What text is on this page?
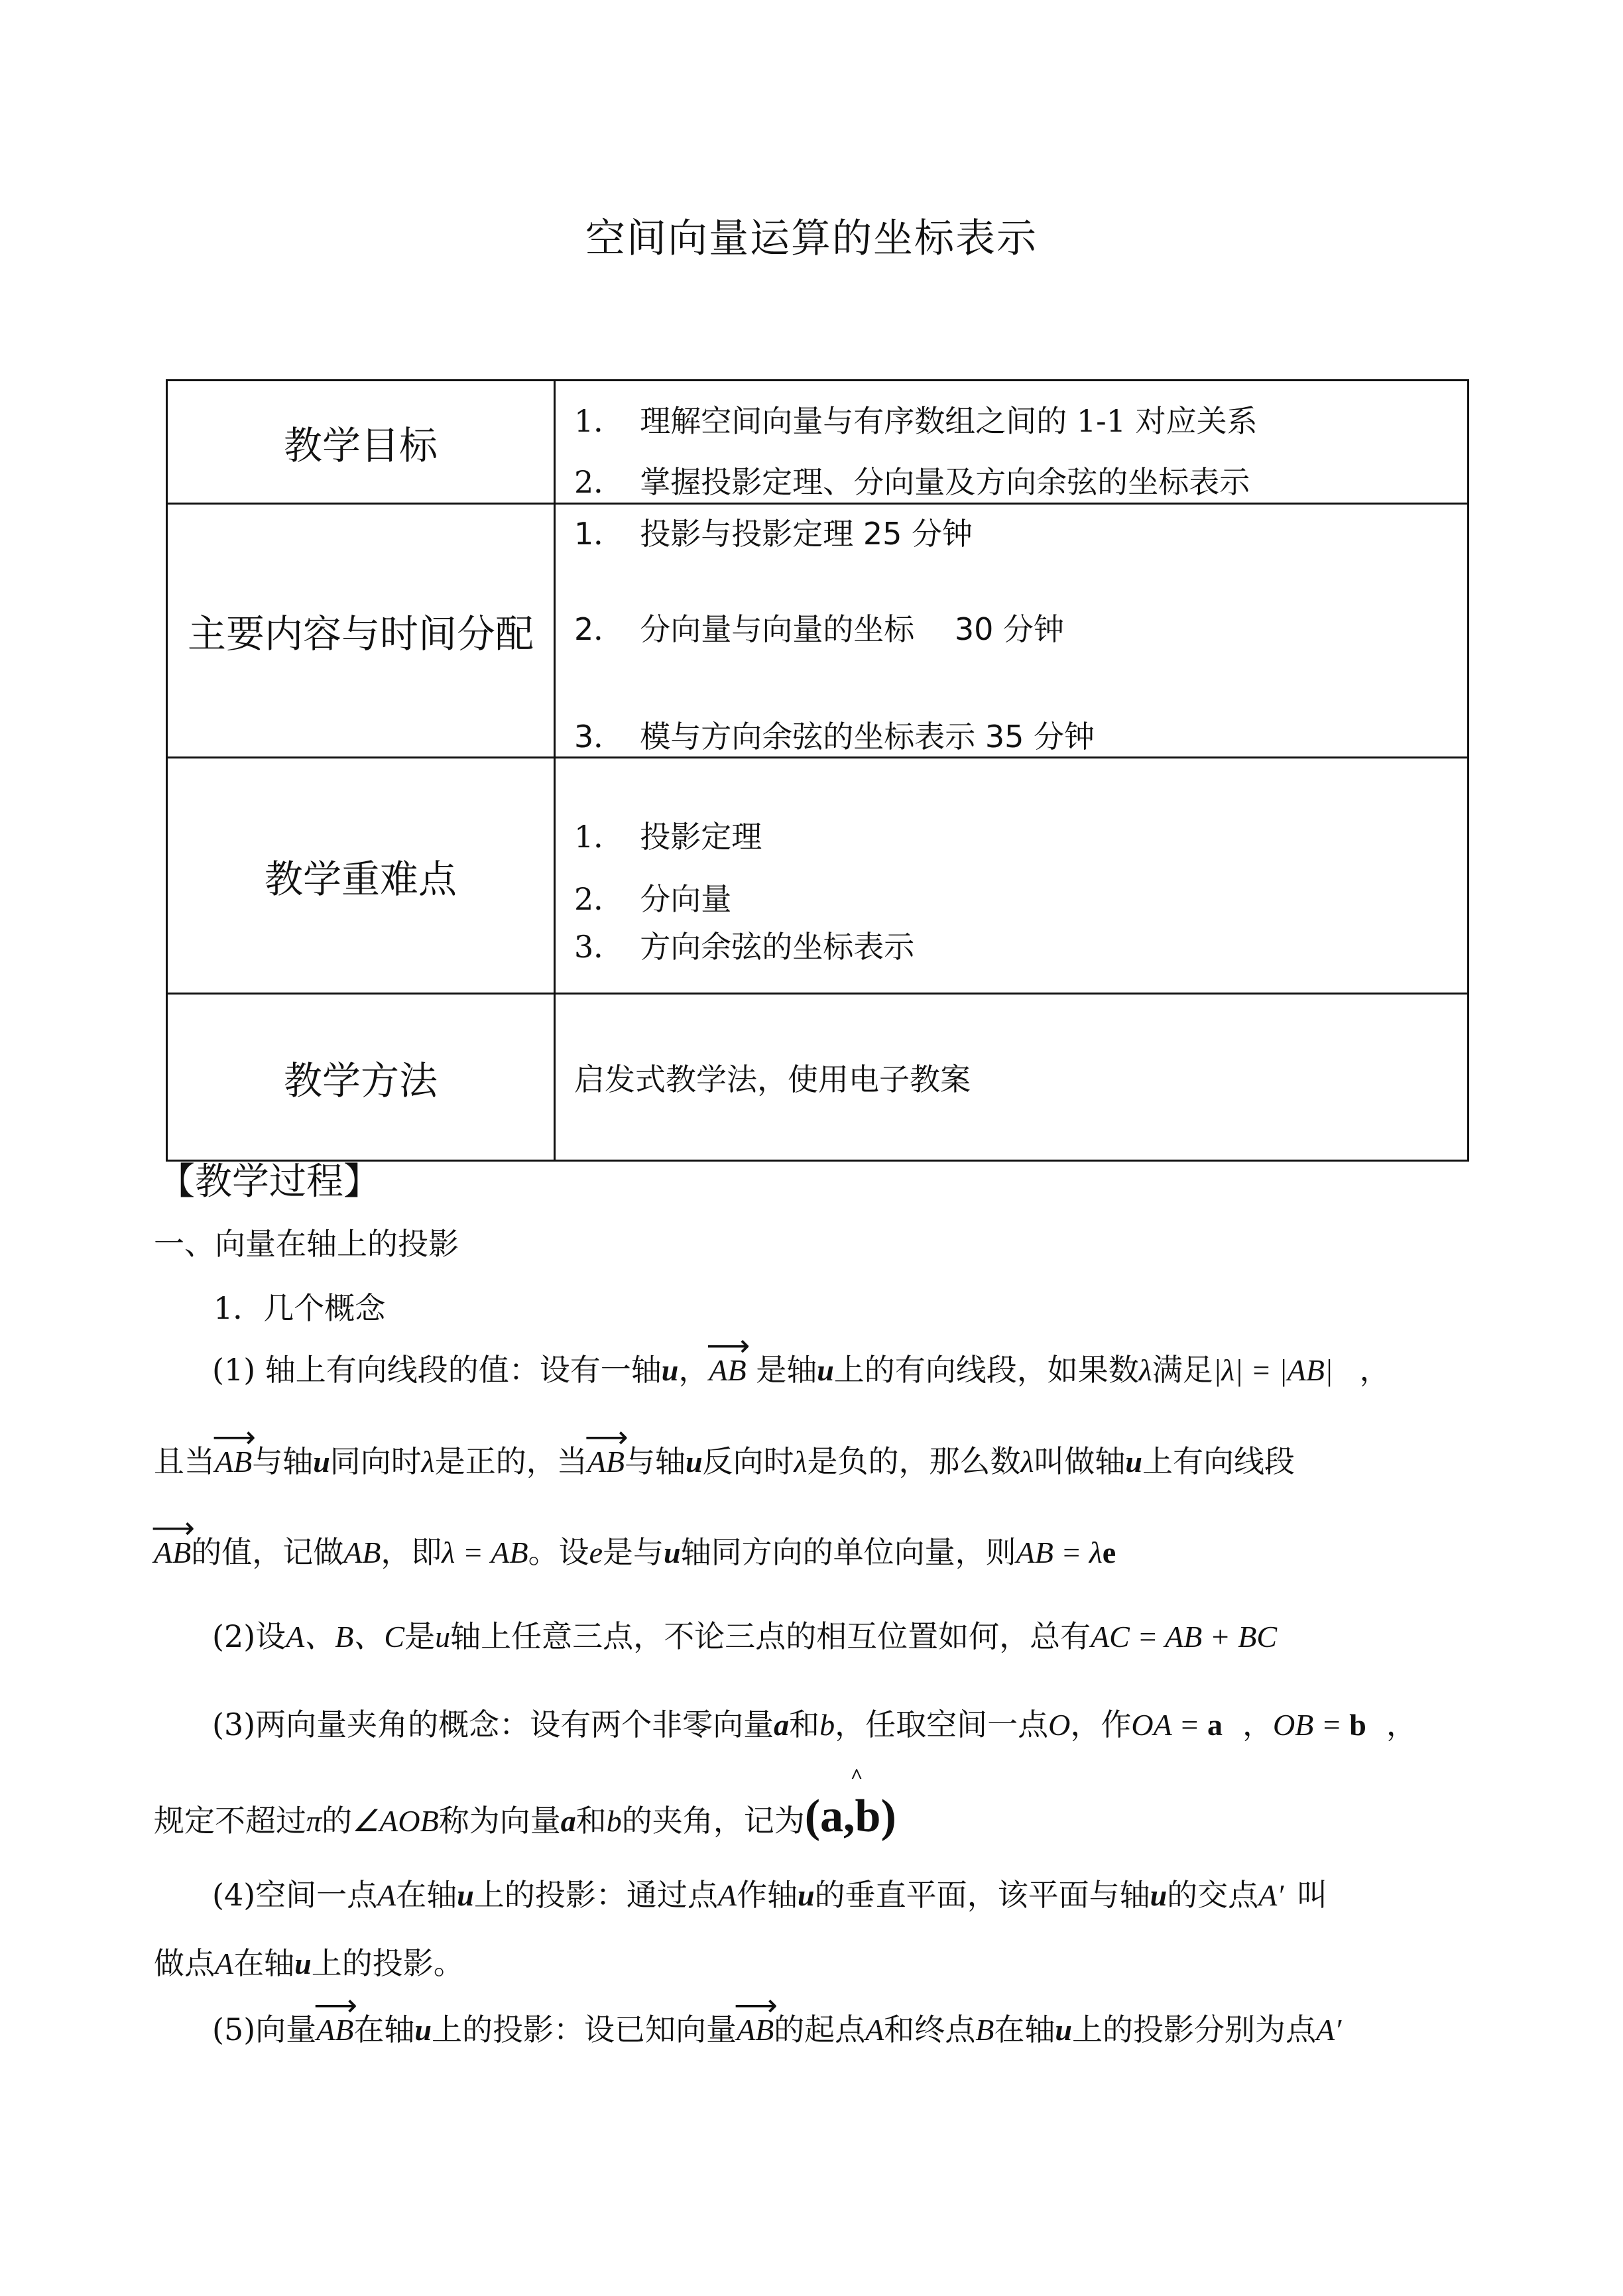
空间向量运算的坐标表示
教学目标	1． 理解空间向量与有序数组之间的 1-1 对应关系
2． 掌握投影定理、分向量及方向余弦的坐标表示

主要内容与时间分配	1． 投影与投影定理 25 分钟
2． 分向量与向量的坐标　 30 分钟
3． 模与方向余弦的坐标表示 35 分钟

教学重难点	1． 投影定理
2． 分向量
3． 方向余弦的坐标表示

教学方法	启发式教学法，使用电子教案
【教学过程】
一、向量在轴上的投影
1．几个概念
(1) 轴上有向线段的值：设有一轴u，⟶ AB 是轴u上的有向线段，如果数λ满足|λ| = |AB| ，
且当⟶ AB与轴u同向时λ是正的，当⟶ AB与轴u反向时λ是负的，那么数λ叫做轴u上有向线段
⟶ AB的值，记做AB，即λ = AB。设e是与u轴同方向的单位向量，则AB = λe
(2)设A、B、C是u轴上任意三点，不论三点的相互位置如何，总有AC = AB + BC
(3)两向量夹角的概念：设有两个非零向量a和b，任取空间一点O，作OA = a ，OB = b ，
规定不超过π的∠AOB称为向量a和b的夹角，记为^ (a,b)
(4)空间一点A在轴u上的投影：通过点A作轴u的垂直平面，该平面与轴u的交点A′ 叫
做点A在轴u上的投影。
(5)向量⟶ AB在轴u上的投影：设已知向量⟶ AB的起点A和终点B在轴u上的投影分别为点A′
